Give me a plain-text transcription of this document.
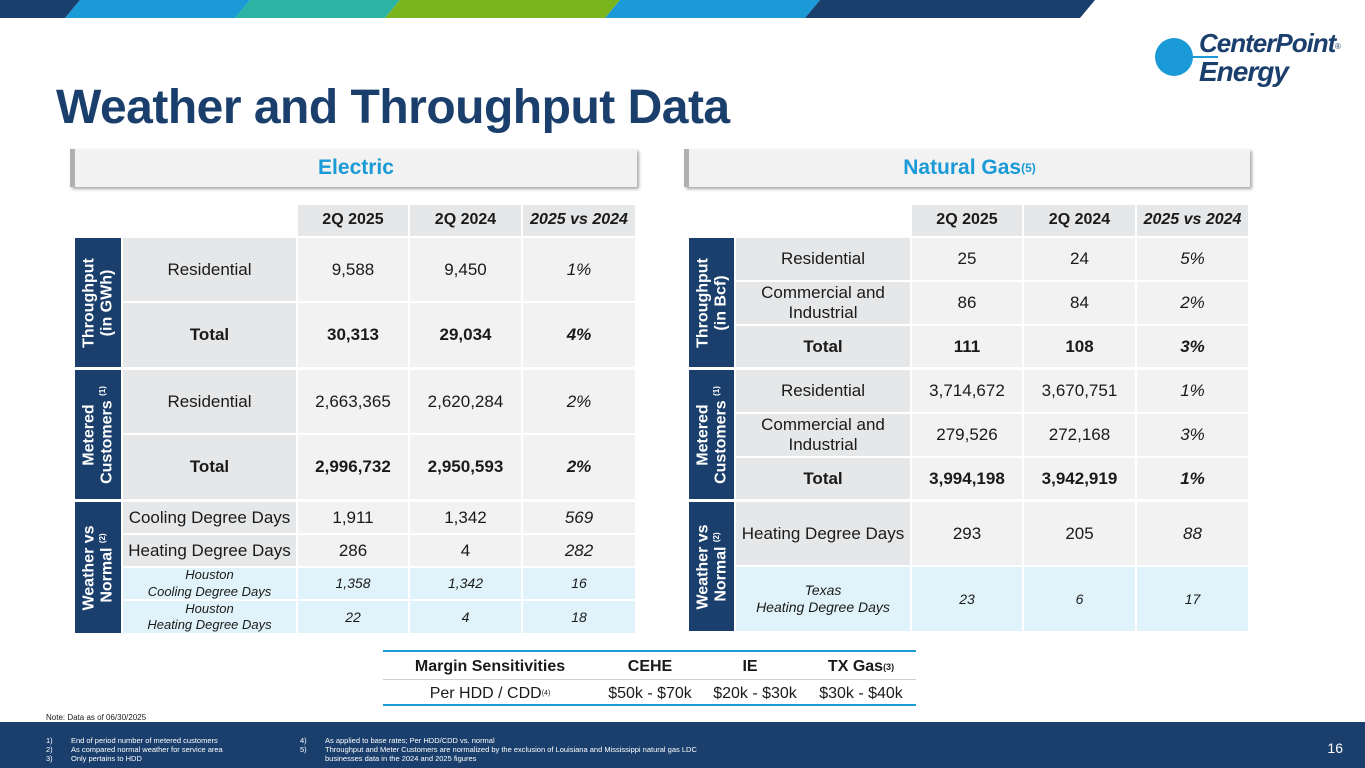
CenterPoint
Energy
®
Weather and Throughput Data
Electric	Natural Gas (5)
2Q 2025	2Q 2024	2025 vs 2024
Throughput
(in GWh)	Residential	9,588	9,450	1%
Total	30,313	29,034	4%
Metered
Customers $^{(1)}$
Residential	2,663,365	2,620,284	2%
Total	2,996,732	2,950,593	2%
Weather vs
Normal $^{(2)}$
Cooling Degree Days	1,911	1,342	569
Heating Degree Days	286	4	282
Houston
Cooling Degree Days	1,358	1,342	16
Houston
Heating Degree Days	22	4	18
2Q 2025	2Q 2024	2025 vs 2024
Throughput
(in Bcf)
Residential	25	24	5%
Commercial and
Industrial
86	84	2%
Total	111	108	3%
Metered
Customers $^{(1)}$	Residential	3,714,672	3,670,751	1%
Commercial and
Industrial
279,526	272,168	3%
Total	3,994,198	3,942,919	1%
Weather vs
Normal $^{(2)}$	Heating Degree Days	293	205	88
Texas
Heating Degree Days
23	6	17
Margin Sensitivities	CEHE	IE	TX Gas (3)
Per HDD / CDD (4)	$50k - $70k	$20k - $30k	$30k - $40k
Note: Data as of 06/30/2025
1) End of period number of metered customers
2) As compared normal weather for service area
3) Only pertains to HDD
4) As applied to base rates; Per HDD/CDD vs. normal
5) Throughput and Meter Customers are normalized by the exclusion of Louisiana and Mississippi natural gas LDC
businesses data in the 2024 and 2025 figures
16
